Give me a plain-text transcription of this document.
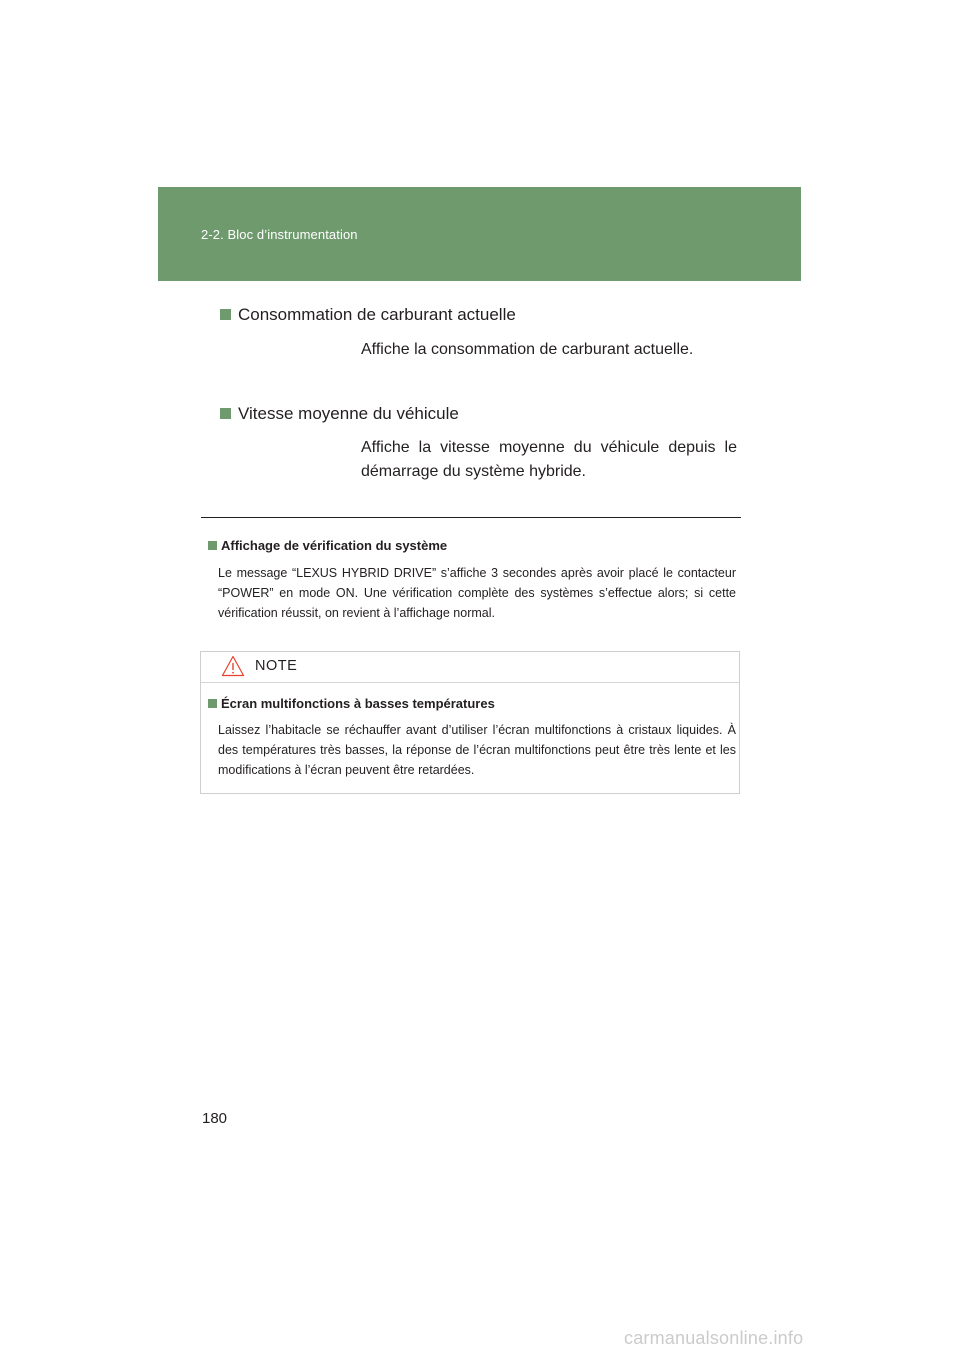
2-2. Bloc d’instrumentation
Consommation de carburant actuelle
Affiche la consommation de carburant actuelle.
Vitesse moyenne du véhicule
Affiche la vitesse moyenne du véhicule depuis le démarrage du système hybride.
Affichage de vérification du système
Le message “LEXUS HYBRID DRIVE” s’affiche 3 secondes après avoir placé le contacteur “POWER” en mode ON. Une vérification complète des systèmes s’effectue alors; si cette vérification réussit, on revient à l’affichage normal.
NOTE
Écran multifonctions à basses températures
Laissez l’habitacle se réchauffer avant d’utiliser l’écran multifonctions à cristaux liquides. À des températures très basses, la réponse de l’écran multifonctions peut être très lente et les modifications à l’écran peuvent être retardées.
180
carmanualsonline.info
